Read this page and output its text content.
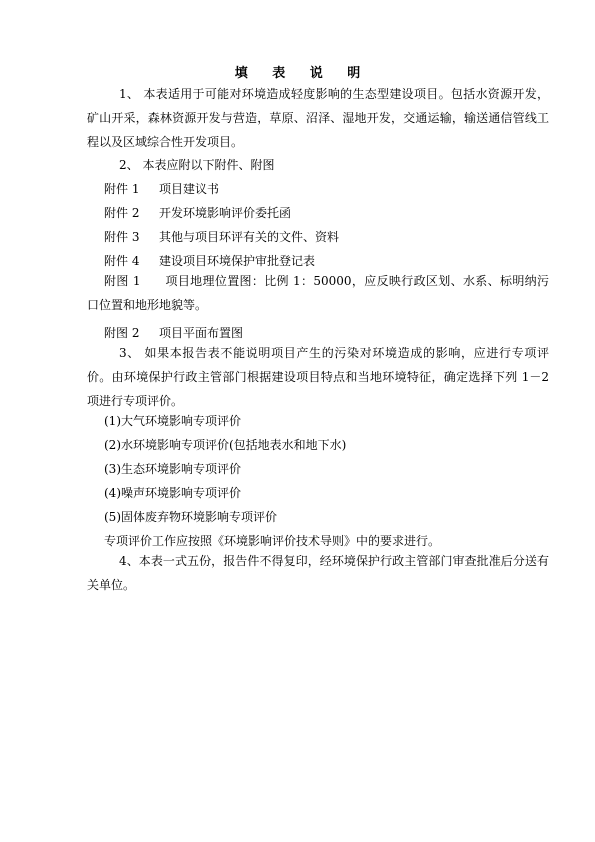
填 表 说 明
1、 本表适用于可能对环境造成轻度影响的生态型建设项目。包括水资源开发，矿山开采，森林资源开发与营造，草原、沼泽、湿地开发，交通运输，输送通信管线工程以及区域综合性开发项目。
2、 本表应附以下附件、附图
附件 1 项目建议书
附件 2 开发环境影响评价委托函
附件 3 其他与项目环评有关的文件、资料
附件 4 建设项目环境保护审批登记表
附图 1　　项目地理位置图：比例 1：50000，应反映行政区划、水系、标明纳污口位置和地形地貌等。
附图 2 项目平面布置图
3、 如果本报告表不能说明项目产生的污染对环境造成的影响，应进行专项评价。由环境保护行政主管部门根据建设项目特点和当地环境特征，确定选择下列 1－2 项进行专项评价。
(1)大气环境影响专项评价
(2)水环境影响专项评价(包括地表水和地下水)
(3)生态环境影响专项评价
(4)噪声环境影响专项评价
(5)固体废弃物环境影响专项评价
专项评价工作应按照《环境影响评价技术导则》中的要求进行。
4、本表一式五份，报告件不得复印，经环境保护行政主管部门审查批准后分送有关单位。
